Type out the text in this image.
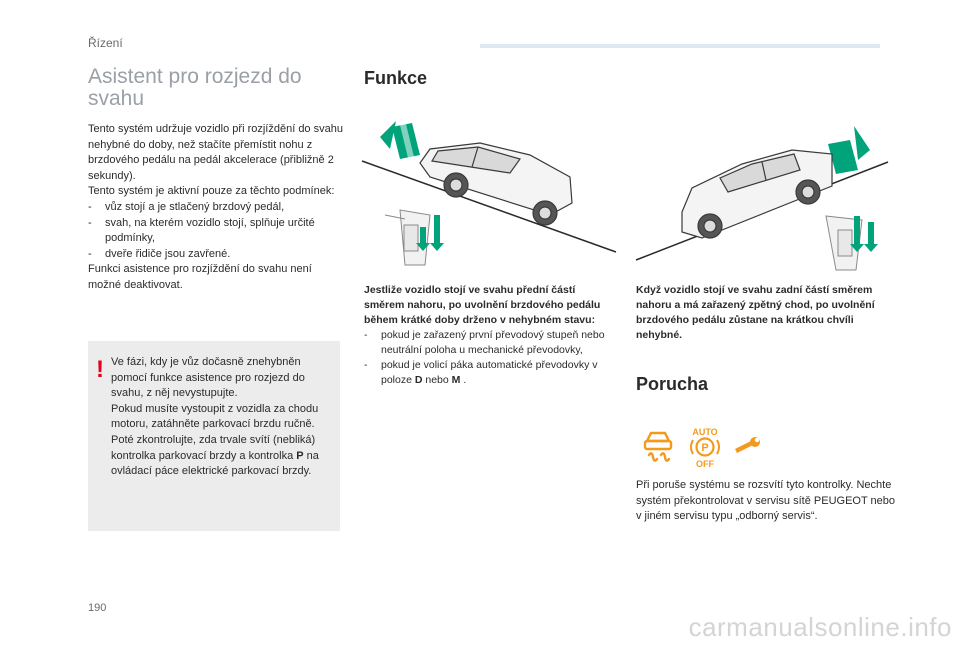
Řízení
Asistent pro rozjezd do svahu

Tento systém udržuje vozidlo při rozjíždění do svahu nehybné do doby, než stačíte přemístit nohu z brzdového pedálu na pedál akcelerace (přibližně 2 sekundy).

Tento systém je aktivní pouze za těchto podmínek:

- vůz stojí a je stlačený brzdový pedál,
- svah, na kterém vozidlo stojí, splňuje určité podmínky,
- dveře řidiče jsou zavřené.

Funkci asistence pro rozjíždění do svahu není možné deaktivovat.

! Ve fázi, kdy je vůz dočasně znehybněn pomocí funkce asistence pro rozjezd do svahu, z něj nevystupujte.

Pokud musíte vystoupit z vozidla za chodu motoru, zatáhněte parkovací brzdu ručně. Poté zkontrolujte, zda trvale svítí (nebliká) kontrolka parkovací brzdy a kontrolka P na ovládací páce elektrické parkovací brzdy.

Funkce

Jestliže vozidlo stojí ve svahu přední částí směrem nahoru, po uvolnění brzdového pedálu během krátké doby drženo v nehybném stavu:

- pokud je zařazený první převodový stupeň nebo neutrální poloha u mechanické převodovky,
- pokud je volicí páka automatické převodovky v poloze D nebo M .

Když vozidlo stojí ve svahu zadní částí směrem nahoru a má zařazený zpětný chod, po uvolnění brzdového pedálu zůstane na krátkou chvíli nehybné.

Porucha
AUTO
P
OFF

Při poruše systému se rozsvítí tyto kontrolky. Nechte systém překontrolovat v servisu sítě PEUGEOT nebo v jiném servisu typu „odborný servis“.

190
carmanualsonline.info
